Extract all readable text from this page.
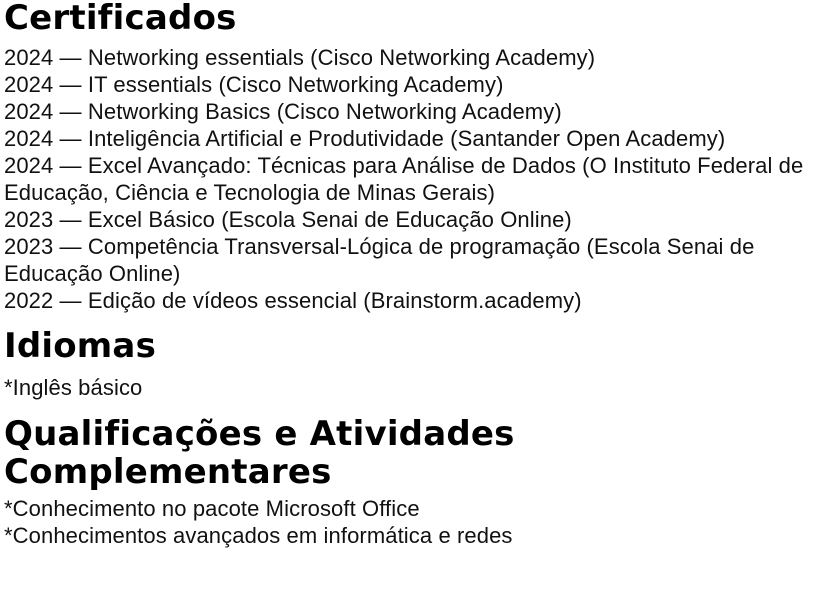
Certificados

2024 — Networking essentials (Cisco Networking Academy)

2024 — IT essentials (Cisco Networking Academy)

2024 — Networking Basics (Cisco Networking Academy)

2024 — Inteligência Artificial e Produtividade (Santander Open Academy)

2024 — Excel Avançado: Técnicas para Análise de Dados (O Instituto Federal de Educação, Ciência e Tecnologia de Minas Gerais)

2023 — Excel Básico (Escola Senai de Educação Online)

2023 — Competência Transversal-Lógica de programação (Escola Senai de Educação Online)

2022 — Edição de vídeos essencial (Brainstorm.academy)

Idiomas

*Inglês básico

Qualificações e Atividades Complementares

*Conhecimento no pacote Microsoft Office

*Conhecimentos avançados em informática e redes
